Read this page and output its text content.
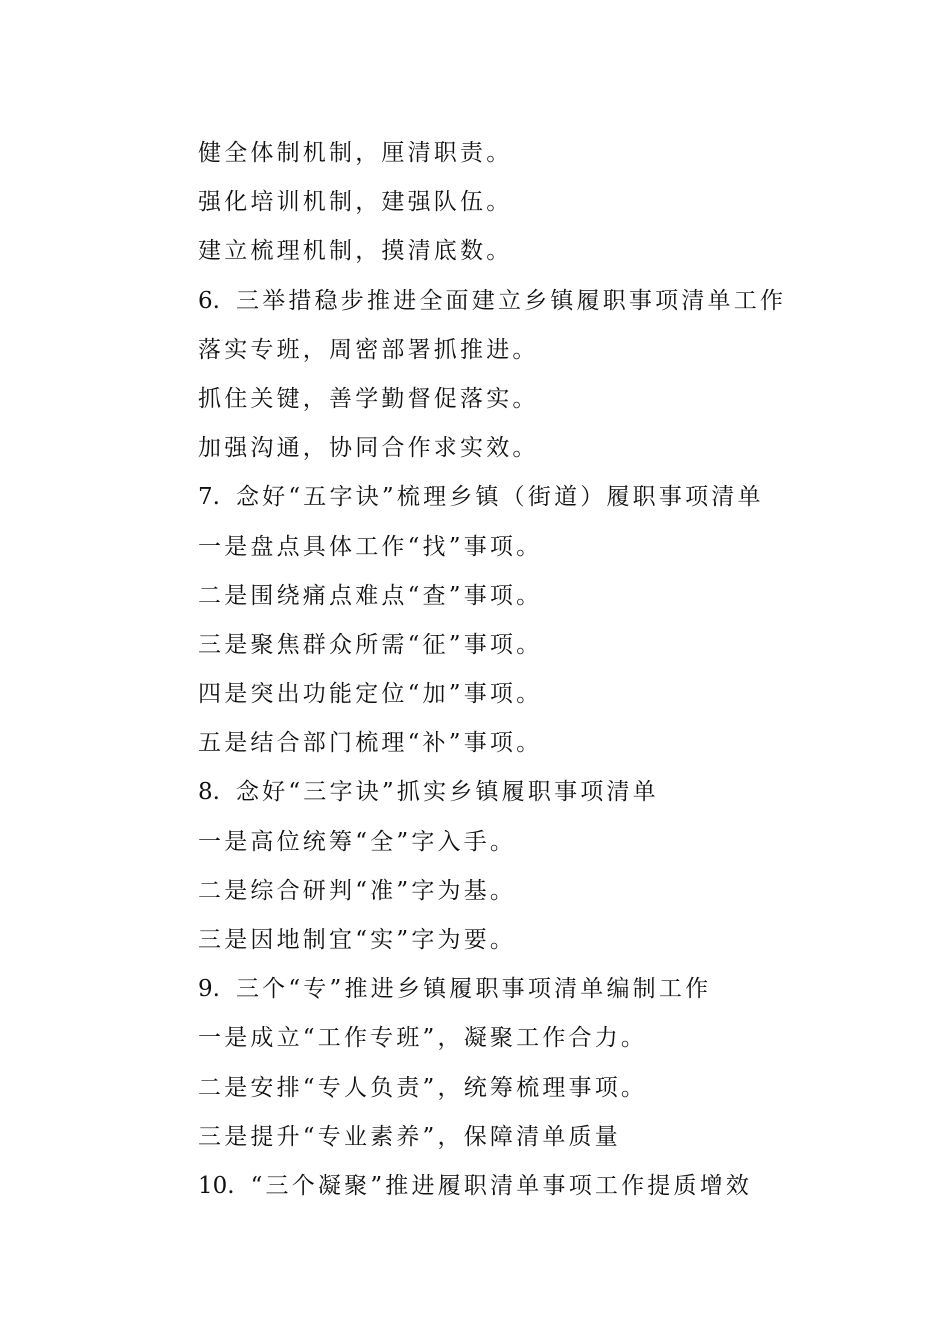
健全体制机制，厘清职责。
强化培训机制，建强队伍。
建立梳理机制，摸清底数。
6. 三举措稳步推进全面建立乡镇履职事项清单工作
落实专班，周密部署抓推进。
抓住关键，善学勤督促落实。
加强沟通，协同合作求实效。
7. 念好“五字诀”梳理乡镇（街道）履职事项清单
一是盘点具体工作“找”事项。
二是围绕痛点难点“查”事项。
三是聚焦群众所需“征”事项。
四是突出功能定位“加”事项。
五是结合部门梳理“补”事项。
8. 念好“三字诀”抓实乡镇履职事项清单
一是高位统筹“全”字入手。
二是综合研判“准”字为基。
三是因地制宜“实”字为要。
9. 三个“专”推进乡镇履职事项清单编制工作
一是成立“工作专班”，凝聚工作合力。
二是安排“专人负责”，统筹梳理事项。
三是提升“专业素养”，保障清单质量
10. “三个凝聚”推进履职清单事项工作提质增效
